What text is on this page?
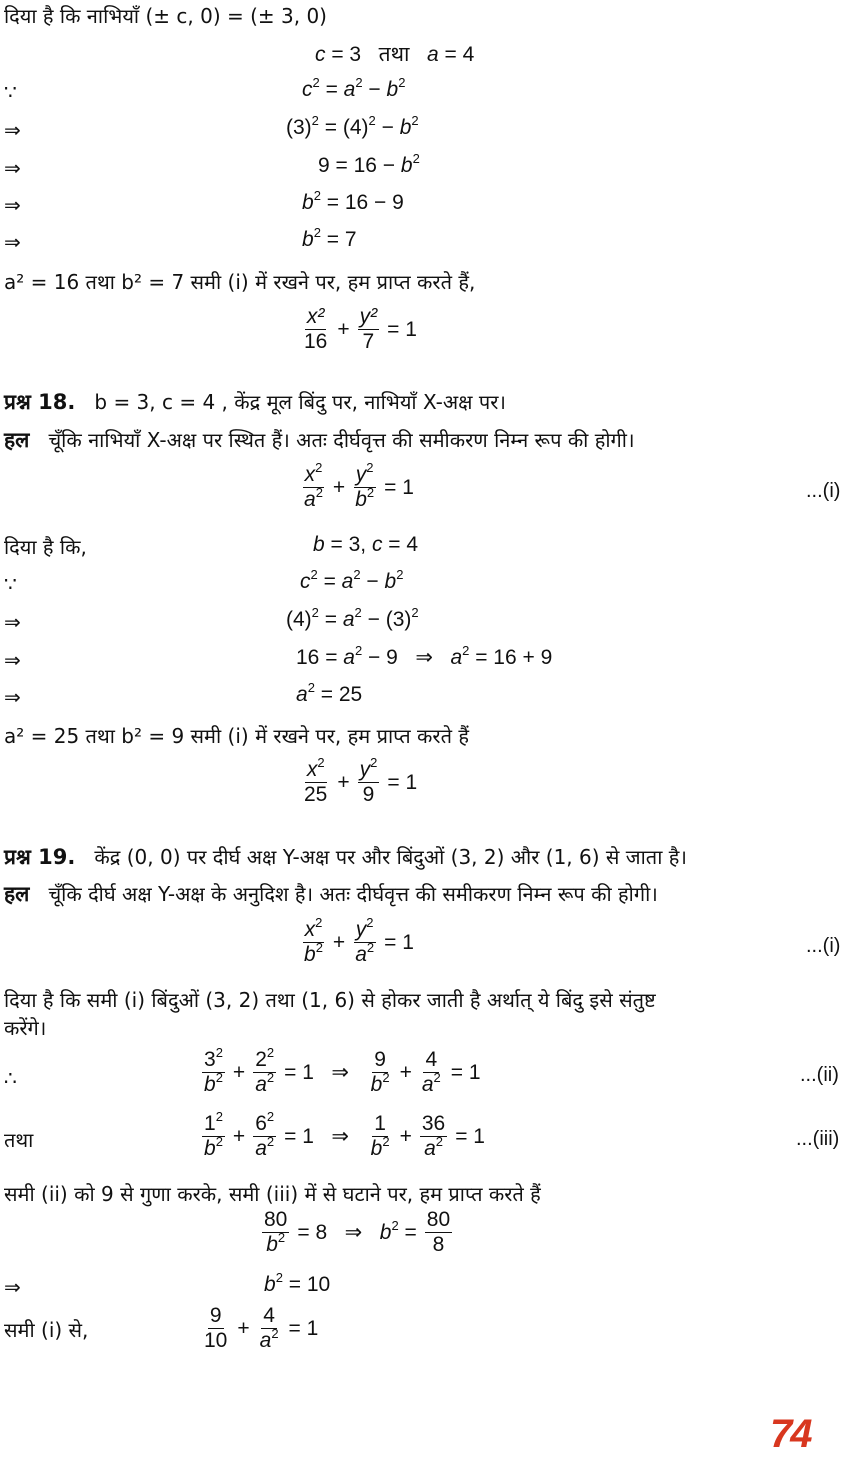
दिया है कि नाभियाँ (± c, 0) = (± 3, 0)
c = 3   तथा   a = 4
∵	$c^2 = a^2 - b^2$
⇒	$(3)^2 = (4)^2 - b^2$
⇒	$9 = 16 - b^2$
⇒	$b^2 = 16 - 9$
⇒	$b^2 = 7$
a² = 16 तथा b² = 7 समी (i) में रखने पर, हम प्राप्त करते हैं,
$\frac{\text{x²}}{16} + \frac{\text{y²}}{7} = 1$
प्रश्न 18. b = 3, c = 4 , केंद्र मूल बिंदु पर, नाभियाँ X-अक्ष पर।
हल चूँकि नाभियाँ X-अक्ष पर स्थित हैं। अतः दीर्घवृत्त की समीकरण निम्न रूप की होगी।
$\frac{x^2}{a^2} + \frac{y^2}{b^2} = 1$	...(i)
दिया है कि,	b = 3, c = 4
∵	$c^2 = a^2 - b^2$
⇒	$(4)^2 = a^2 - (3)^2$
⇒	$16 = a^2 - 9$   ⇒   $a^2 = 16 + 9$
⇒	$a^2 = 25$
a² = 25 तथा b² = 9 समी (i) में रखने पर, हम प्राप्त करते हैं
$\frac{x^2}{25} + \frac{y^2}{9} = 1$
प्रश्न 19. केंद्र (0, 0) पर दीर्घ अक्ष Y-अक्ष पर और बिंदुओं (3, 2) और (1, 6) से जाता है।
हल चूँकि दीर्घ अक्ष Y-अक्ष के अनुदिश है। अतः दीर्घवृत्त की समीकरण निम्न रूप की होगी।
$\frac{x^2}{b^2} + \frac{y^2}{a^2} = 1$	...(i)
दिया है कि समी (i) बिंदुओं (3, 2) तथा (1, 6) से होकर जाती है अर्थात् ये बिंदु इसे संतुष्ट
करेंगे।
∴	$\frac{3^2}{b^2} + \frac{2^2}{a^2} = 1$   ⇒ $\frac{9}{b^2} + \frac{4}{a^2} = 1$	...(ii)
तथा	$\frac{1^2}{b^2} + \frac{6^2}{a^2} = 1$   ⇒ $\frac{1}{b^2} + \frac{36}{a^2} = 1$	...(iii)
समी (ii) को 9 से गुणा करके, समी (iii) में से घटाने पर, हम प्राप्त करते हैं
$\frac{80}{b^2} = 8$   ⇒   $b^2 = \frac{80}{8}$
⇒	$b^2 = 10$
समी (i) से,	$\frac{9}{10} + \frac{4}{a^2} = 1$
74
